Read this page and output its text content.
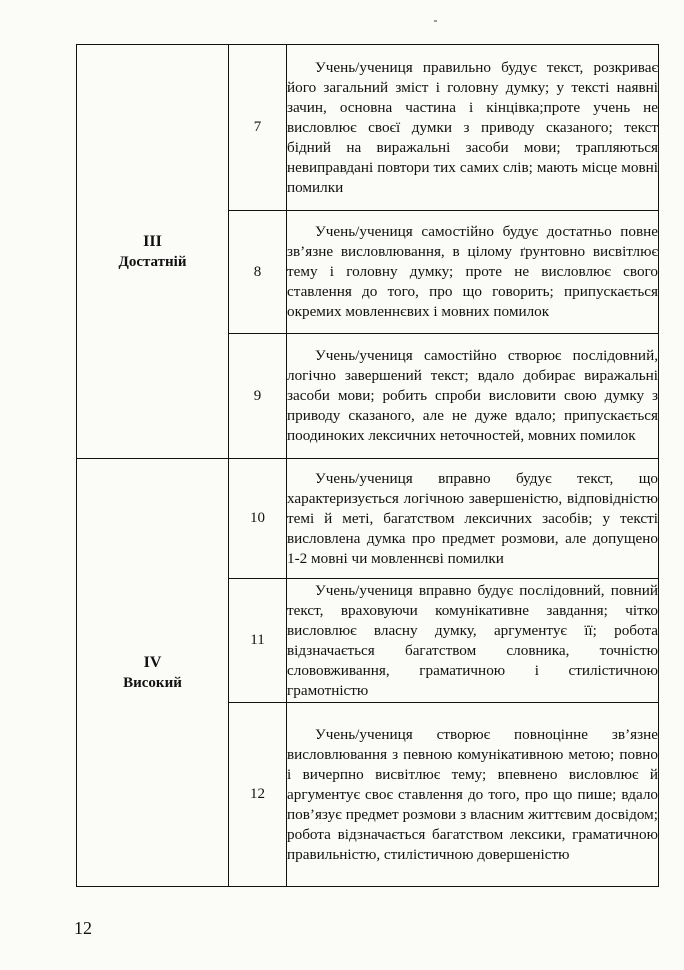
III
Достатній	7	Учень/учениця правильно будує текст, розкриває його загальний зміст і головну думку; у тексті наявні зачин, основна частина і кінцівка;проте учень не висловлює своєї думки з приводу сказаного; текст бідний на виражальні засоби мови; трапляються невиправдані повтори тих самих слів; мають місце мовні помилки
	8	Учень/учениця самостійно будує достатньо повне зв’язне висловлювання, в цілому ґрунтовно висвітлює тему і головну думку; проте не висловлює свого ставлення до того, про що говорить; припускається окремих мовленнєвих і мовних помилок
	9	Учень/учениця самостійно створює послідовний, логічно завершений текст; вдало добирає виражальні засоби мови; робить спроби висловити свою думку з приводу сказаного, але не дуже вдало; припускається поодиноких лексичних неточностей, мовних помилок

IV
Високий	10	Учень/учениця вправно будує текст, що характеризується логічною завершеністю, відповідністю темі й меті, багатством лексичних засобів; у тексті висловлена думка про предмет розмови, але допущено 1-2 мовні чи мовленнєві помилки
	11	Учень/учениця вправно будує послідовний, повний текст, враховуючи комунікативне завдання; чітко висловлює власну думку, аргументує її; робота відзначається багатством словника, точністю слововживання, граматичною і стилістичною грамотністю
	12	Учень/учениця створює повноцінне зв’язне висловлювання з певною комунікативною метою; повно і вичерпно висвітлює тему; впевнено висловлює й аргументує своє ставлення до того, про що пише; вдало пов’язує предмет розмови з власним життєвим досвідом; робота відзначається багатством лексики, граматичною правильністю, стилістичною довершеністю
12
